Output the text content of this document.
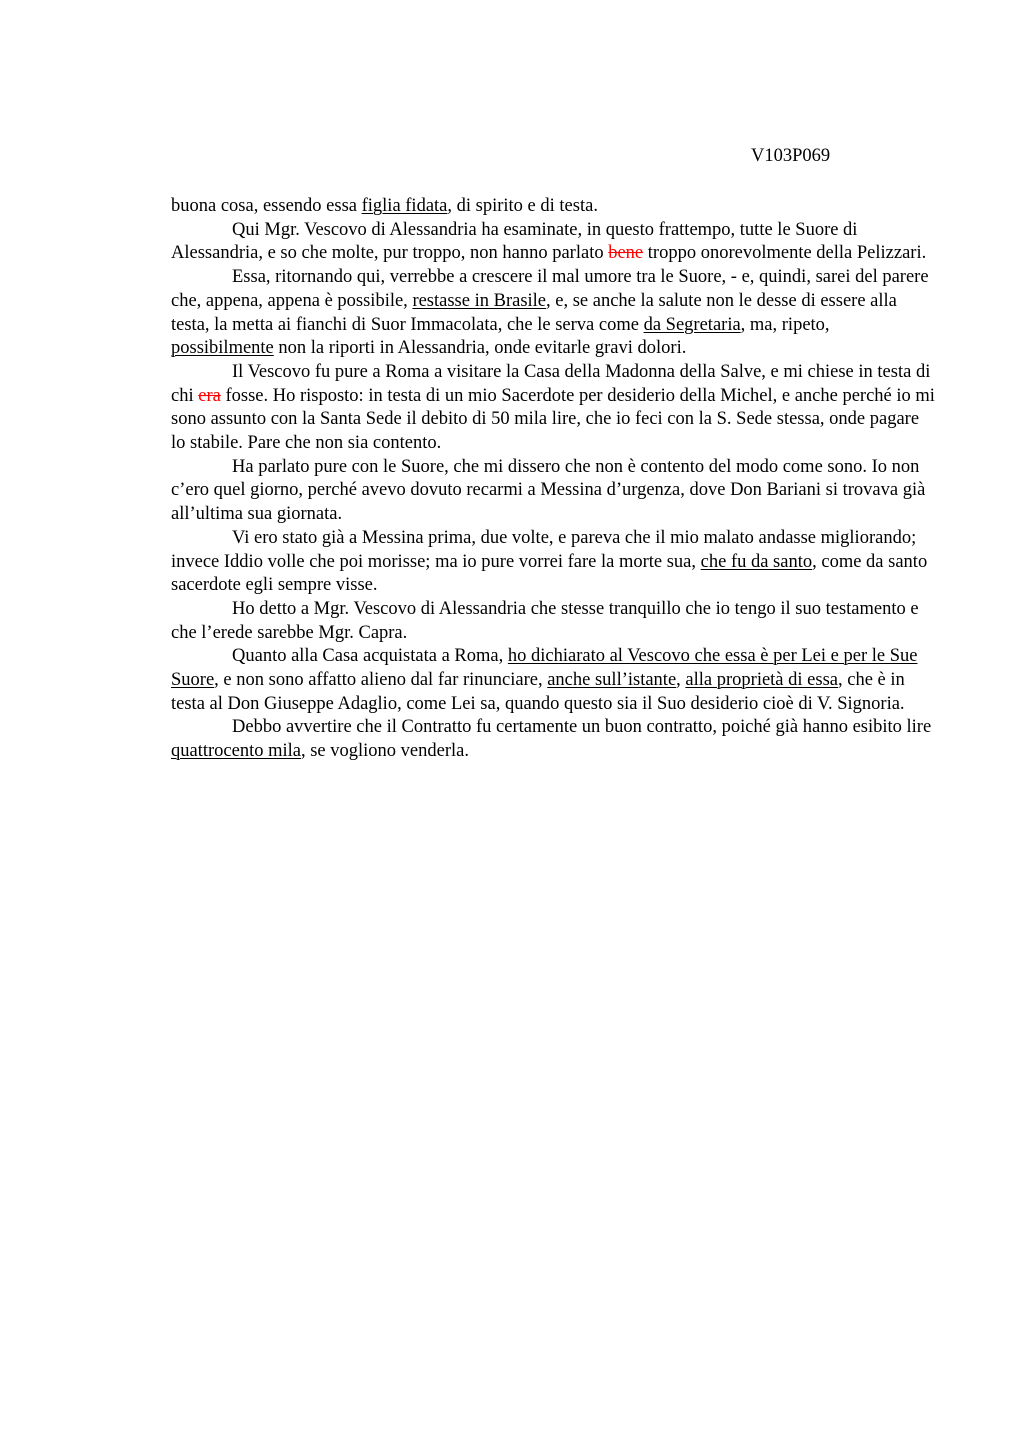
V103P069

buona cosa, essendo essa figlia fidata, di spirito e di testa.

Qui Mgr. Vescovo di Alessandria ha esaminate, in questo frattempo, tutte le Suore di Alessandria, e so che molte, pur troppo, non hanno parlato bene troppo onorevolmente della Pelizzari.

Essa, ritornando qui, verrebbe a crescere il mal umore tra le Suore, - e, quindi, sarei del parere che, appena, appena è possibile, restasse in Brasile, e, se anche la salute non le desse di essere alla testa, la metta ai fianchi di Suor Immacolata, che le serva come da Segretaria, ma, ripeto, possibilmente non la riporti in Alessandria, onde evitarle gravi dolori.

Il Vescovo fu pure a Roma a visitare la Casa della Madonna della Salve, e mi chiese in testa di chi era fosse. Ho risposto: in testa di un mio Sacerdote per desiderio della Michel, e anche perché io mi sono assunto con la Santa Sede il debito di 50 mila lire, che io feci con la S. Sede stessa, onde pagare lo stabile. Pare che non sia contento.

Ha parlato pure con le Suore, che mi dissero che non è contento del modo come sono. Io non c’ero quel giorno, perché avevo dovuto recarmi a Messina d’urgenza, dove Don Bariani si trovava già all’ultima sua giornata.

Vi ero stato già a Messina prima, due volte, e pareva che il mio malato andasse migliorando; invece Iddio volle che poi morisse; ma io pure vorrei fare la morte sua, che fu da santo, come da santo sacerdote egli sempre visse.

Ho detto a Mgr. Vescovo di Alessandria che stesse tranquillo che io tengo il suo testamento e che l’erede sarebbe Mgr. Capra.

Quanto alla Casa acquistata a Roma, ho dichiarato al Vescovo che essa è per Lei e per le Sue Suore, e non sono affatto alieno dal far rinunciare, anche sull’istante, alla proprietà di essa, che è in testa al Don Giuseppe Adaglio, come Lei sa, quando questo sia il Suo desiderio cioè di V. Signoria.

Debbo avvertire che il Contratto fu certamente un buon contratto, poiché già hanno esibito lire quattrocento mila, se vogliono venderla.
